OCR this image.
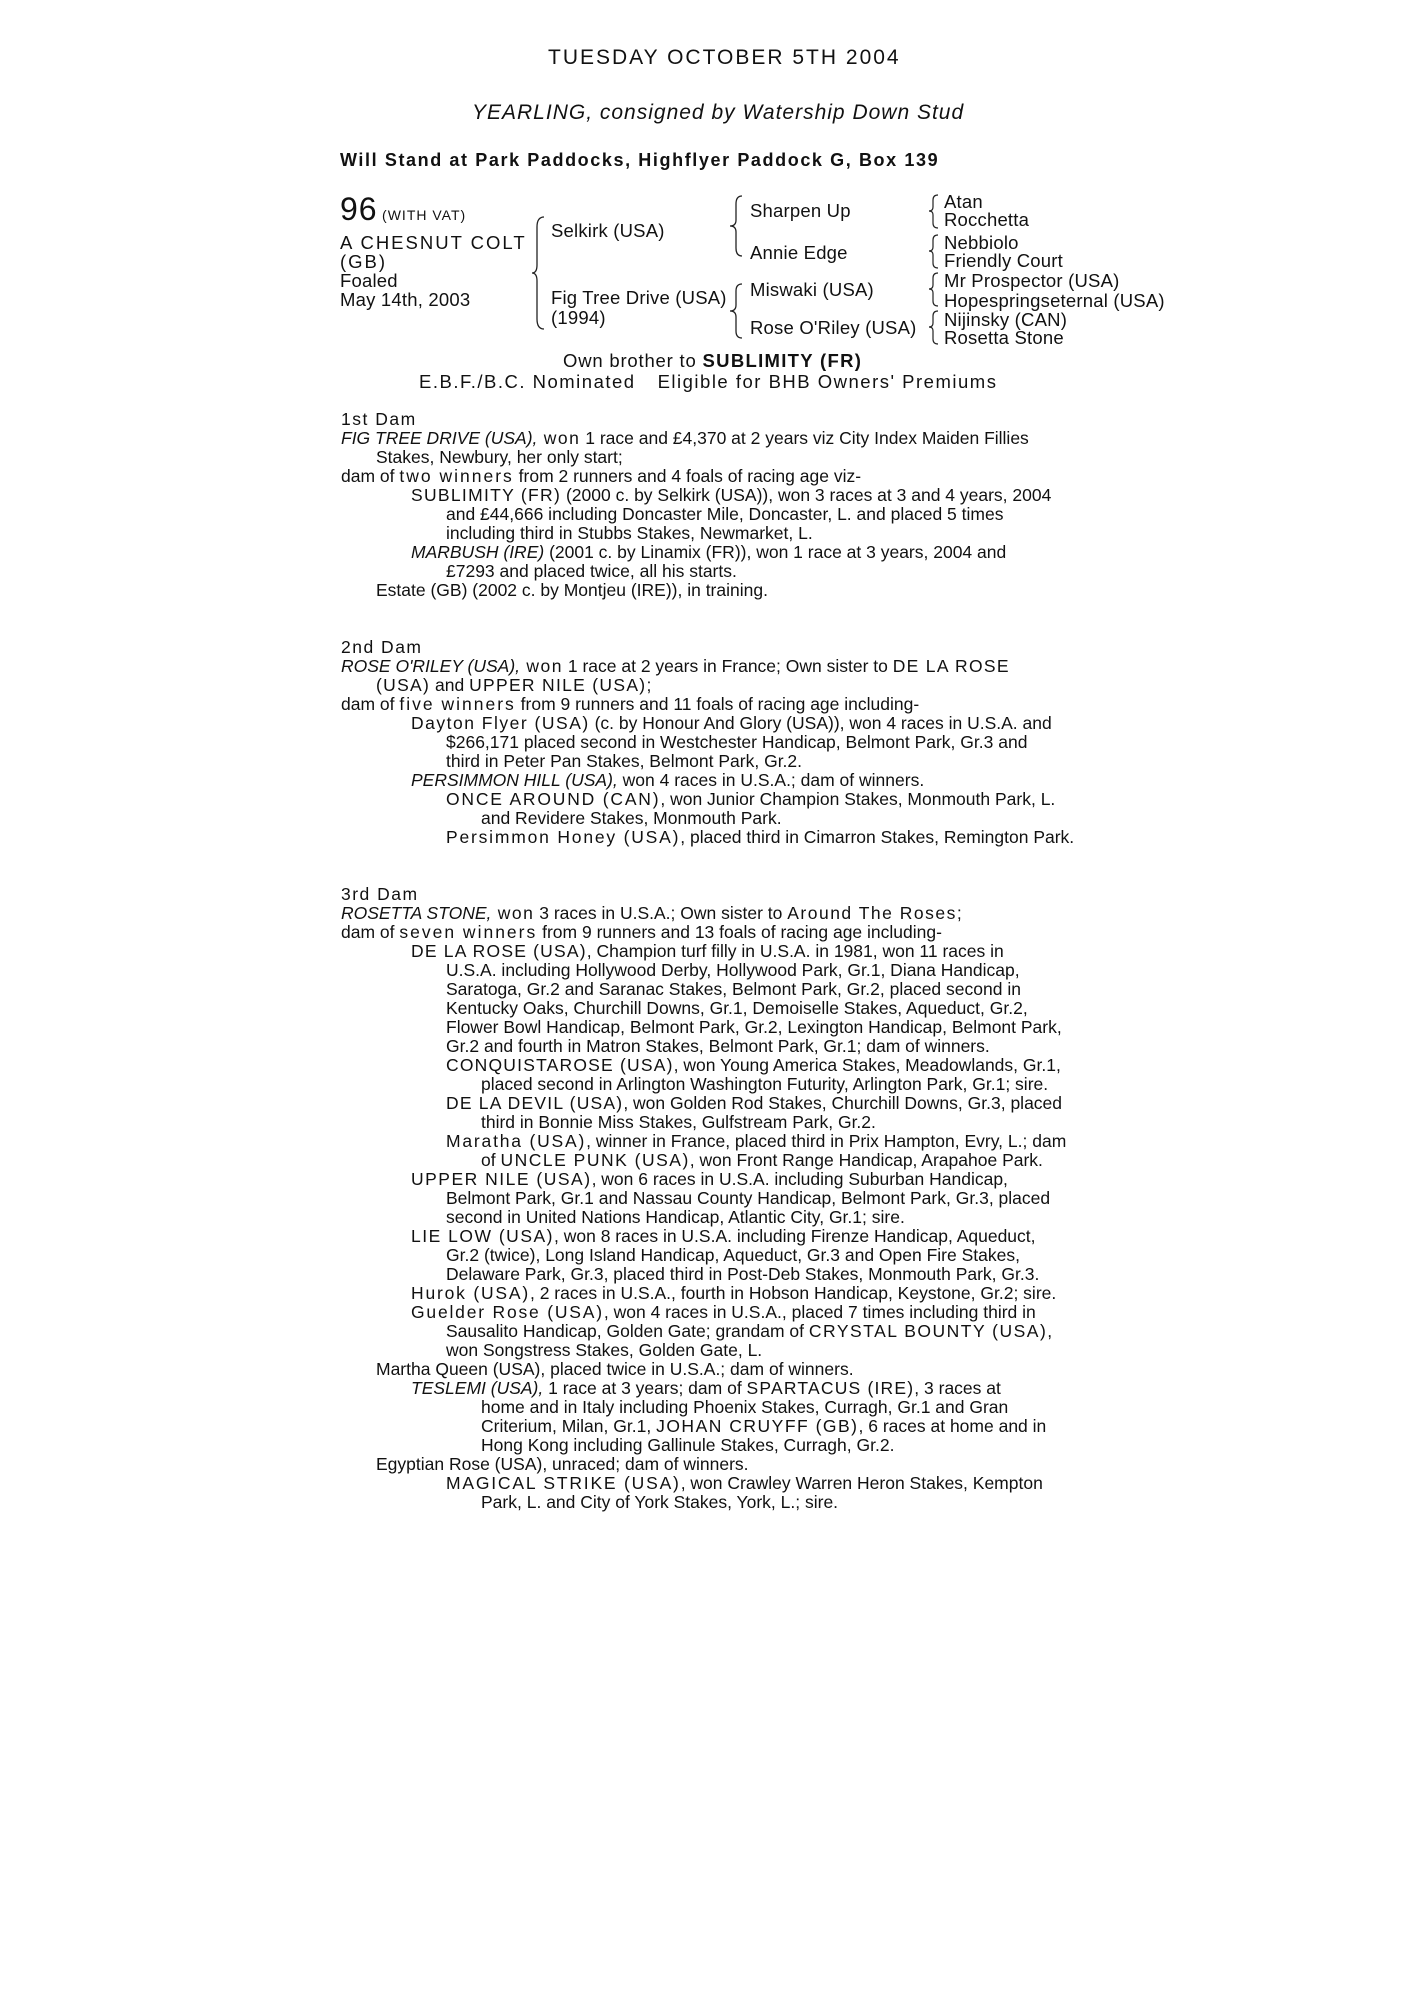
TUESDAY OCTOBER 5TH 2004
YEARLING, consigned by Watership Down Stud
Will Stand at Park Paddocks, Highflyer Paddock G, Box 139
96 (WITH VAT)
A CHESNUT COLT
(GB)
Foaled
May 14th, 2003
Selkirk (USA)
Fig Tree Drive (USA)
(1994)
Sharpen Up
Annie Edge
Miswaki (USA)
Rose O'Riley (USA)
Atan
Rocchetta
Nebbiolo
Friendly Court
Mr Prospector (USA)
Hopespringseternal (USA)
Nijinsky (CAN)
Rosetta Stone
Own brother to SUBLIMITY (FR)
E.B.F./B.C. Nominated Eligible for BHB Owners' Premiums
1st Dam
FIG TREE DRIVE (USA), won 1 race and £4,370 at 2 years viz City Index Maiden Fillies
Stakes, Newbury, her only start;
dam of two winners from 2 runners and 4 foals of racing age viz-
SUBLIMITY (FR) (2000 c. by Selkirk (USA)), won 3 races at 3 and 4 years, 2004
and £44,666 including Doncaster Mile, Doncaster, L. and placed 5 times
including third in Stubbs Stakes, Newmarket, L.
MARBUSH (IRE) (2001 c. by Linamix (FR)), won 1 race at 3 years, 2004 and
£7293 and placed twice, all his starts.
Estate (GB) (2002 c. by Montjeu (IRE)), in training.
2nd Dam
ROSE O'RILEY (USA), won 1 race at 2 years in France; Own sister to DE LA ROSE
(USA) and UPPER NILE (USA);
dam of five winners from 9 runners and 11 foals of racing age including-
Dayton Flyer (USA) (c. by Honour And Glory (USA)), won 4 races in U.S.A. and
$266,171 placed second in Westchester Handicap, Belmont Park, Gr.3 and
third in Peter Pan Stakes, Belmont Park, Gr.2.
PERSIMMON HILL (USA), won 4 races in U.S.A.; dam of winners.
ONCE AROUND (CAN), won Junior Champion Stakes, Monmouth Park, L.
and Revidere Stakes, Monmouth Park.
Persimmon Honey (USA), placed third in Cimarron Stakes, Remington Park.
3rd Dam
ROSETTA STONE, won 3 races in U.S.A.; Own sister to Around The Roses;
dam of seven winners from 9 runners and 13 foals of racing age including-
DE LA ROSE (USA), Champion turf filly in U.S.A. in 1981, won 11 races in
U.S.A. including Hollywood Derby, Hollywood Park, Gr.1, Diana Handicap,
Saratoga, Gr.2 and Saranac Stakes, Belmont Park, Gr.2, placed second in
Kentucky Oaks, Churchill Downs, Gr.1, Demoiselle Stakes, Aqueduct, Gr.2,
Flower Bowl Handicap, Belmont Park, Gr.2, Lexington Handicap, Belmont Park,
Gr.2 and fourth in Matron Stakes, Belmont Park, Gr.1; dam of winners.
CONQUISTAROSE (USA), won Young America Stakes, Meadowlands, Gr.1,
placed second in Arlington Washington Futurity, Arlington Park, Gr.1; sire.
DE LA DEVIL (USA), won Golden Rod Stakes, Churchill Downs, Gr.3, placed
third in Bonnie Miss Stakes, Gulfstream Park, Gr.2.
Maratha (USA), winner in France, placed third in Prix Hampton, Evry, L.; dam
of UNCLE PUNK (USA), won Front Range Handicap, Arapahoe Park.
UPPER NILE (USA), won 6 races in U.S.A. including Suburban Handicap,
Belmont Park, Gr.1 and Nassau County Handicap, Belmont Park, Gr.3, placed
second in United Nations Handicap, Atlantic City, Gr.1; sire.
LIE LOW (USA), won 8 races in U.S.A. including Firenze Handicap, Aqueduct,
Gr.2 (twice), Long Island Handicap, Aqueduct, Gr.3 and Open Fire Stakes,
Delaware Park, Gr.3, placed third in Post-Deb Stakes, Monmouth Park, Gr.3.
Hurok (USA), 2 races in U.S.A., fourth in Hobson Handicap, Keystone, Gr.2; sire.
Guelder Rose (USA), won 4 races in U.S.A., placed 7 times including third in
Sausalito Handicap, Golden Gate; grandam of CRYSTAL BOUNTY (USA),
won Songstress Stakes, Golden Gate, L.
Martha Queen (USA), placed twice in U.S.A.; dam of winners.
TESLEMI (USA), 1 race at 3 years; dam of SPARTACUS (IRE), 3 races at
home and in Italy including Phoenix Stakes, Curragh, Gr.1 and Gran
Criterium, Milan, Gr.1, JOHAN CRUYFF (GB), 6 races at home and in
Hong Kong including Gallinule Stakes, Curragh, Gr.2.
Egyptian Rose (USA), unraced; dam of winners.
MAGICAL STRIKE (USA), won Crawley Warren Heron Stakes, Kempton
Park, L. and City of York Stakes, York, L.; sire.
